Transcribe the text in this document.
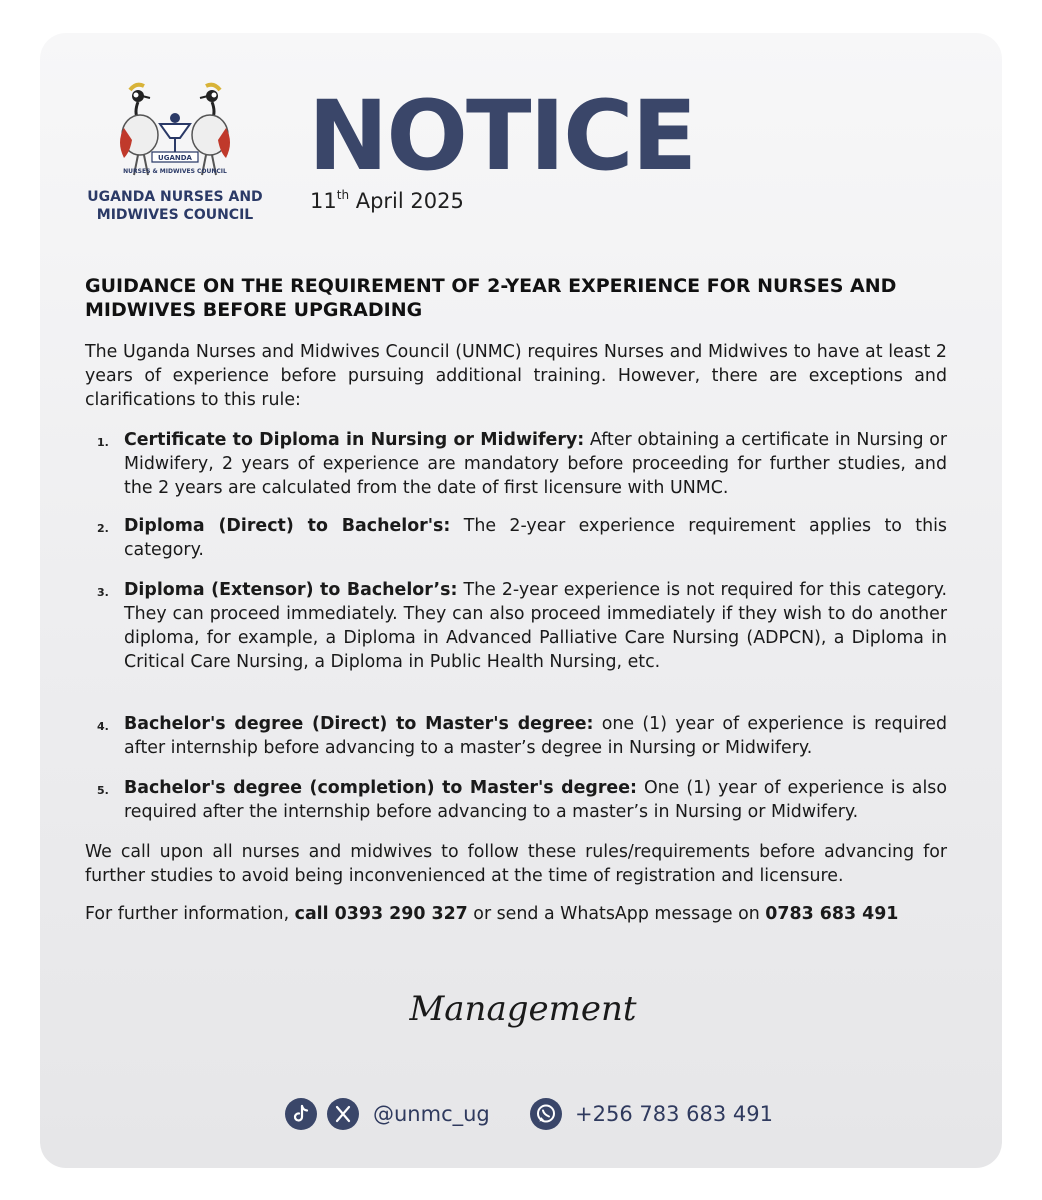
UGANDA
NURSES & MIDWIVES COUNCIL
UGANDA NURSES AND MIDWIVES COUNCIL
NOTICE
11th April 2025
GUIDANCE ON THE REQUIREMENT OF 2-YEAR EXPERIENCE FOR NURSES AND MIDWIVES BEFORE UPGRADING
The Uganda Nurses and Midwives Council (UNMC) requires Nurses and Midwives to have at least 2 years of experience before pursuing additional training. However, there are exceptions and clarifications to this rule:
1. Certificate to Diploma in Nursing or Midwifery: After obtaining a certificate in Nursing or Midwifery, 2 years of experience are mandatory before proceeding for further studies, and the 2 years are calculated from the date of first licensure with UNMC.
2. Diploma (Direct) to Bachelor's: The 2-year experience requirement applies to this category.
3. Diploma (Extensor) to Bachelor’s: The 2-year experience is not required for this category. They can proceed immediately. They can also proceed immediately if they wish to do another diploma, for example, a Diploma in Advanced Palliative Care Nursing (ADPCN), a Diploma in Critical Care Nursing, a Diploma in Public Health Nursing, etc.
4. Bachelor's degree (Direct) to Master's degree: one (1) year of experience is required after internship before advancing to a master’s degree in Nursing or Midwifery.
5. Bachelor's degree (completion) to Master's degree: One (1) year of experience is also required after the internship before advancing to a master’s in Nursing or Midwifery.
We call upon all nurses and midwives to follow these rules/requirements before advancing for further studies to avoid being inconvenienced at the time of registration and licensure.
For further information, call 0393 290 327 or send a WhatsApp message on 0783 683 491
Management
@unmc_ug	+256 783 683 491
